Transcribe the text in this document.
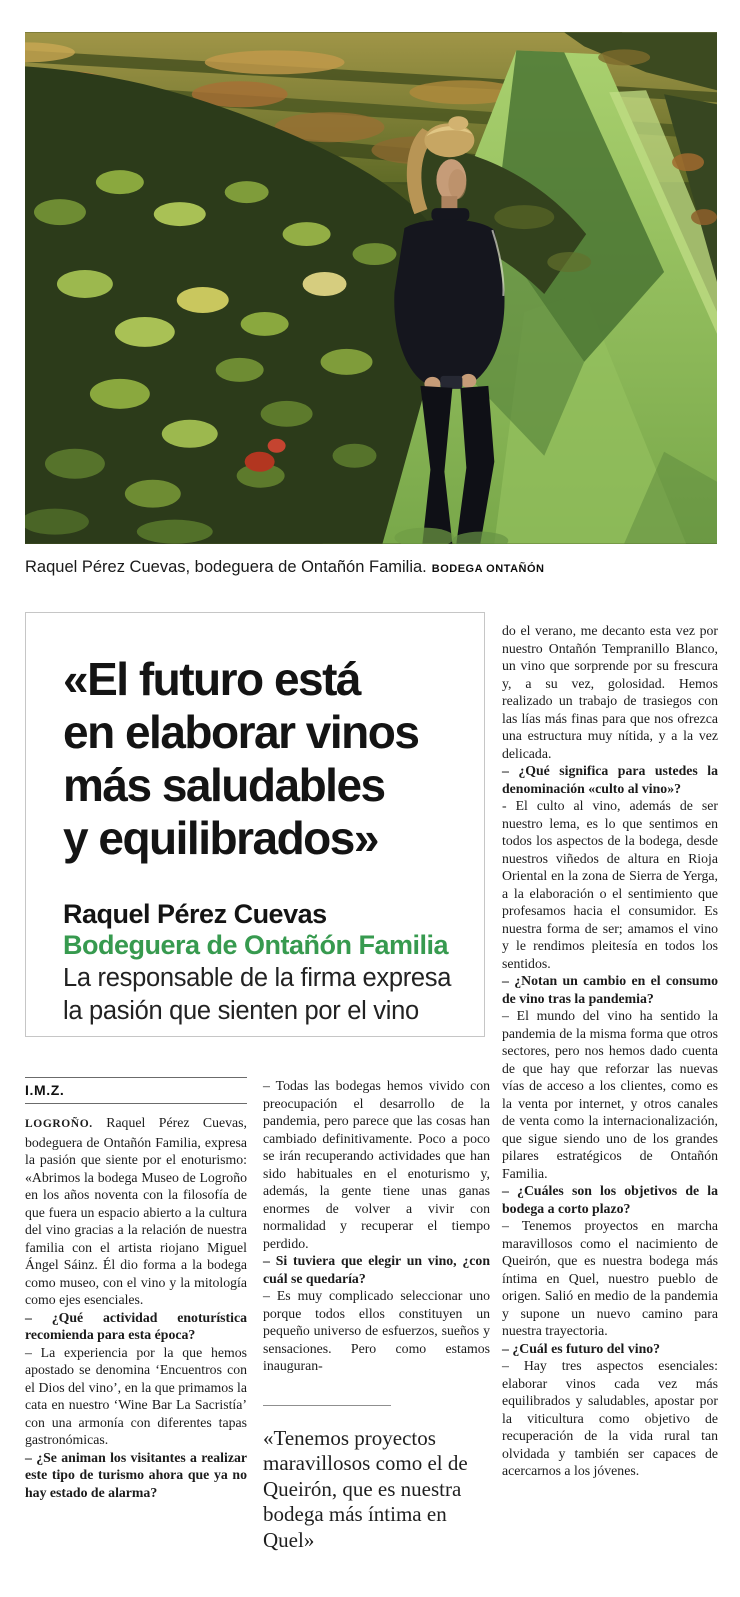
Raquel Pérez Cuevas, bodeguera de Ontañón Familia. BODEGA ONTAÑÓN

«El futuro está
en elaborar vinos
más saludables
y equilibrados»
Raquel Pérez Cuevas
Bodeguera de Ontañón Familia
La responsable de la firma expresa la pasión que sienten por el vino
I.M.Z.

LOGROÑO. Raquel Pérez Cuevas, bodeguera de Ontañón Familia, expresa la pasión que siente por el enoturismo: «Abrimos la bodega Museo de Logroño en los años noventa con la filosofía de que fuera un espacio abierto a la cultura del vino gracias a la relación de nuestra familia con el artista riojano Miguel Ángel Sáinz. Él dio forma a la bodega como museo, con el vino y la mitología como ejes esenciales.

– ¿Qué actividad enoturística recomienda para esta época?

– La experiencia por la que hemos apostado se denomina ‘Encuentros con el Dios del vino’, en la que primamos la cata en nuestro ‘Wine Bar La Sacristía’ con una armonía con diferentes tapas gastronómicas.

– ¿Se animan los visitantes a realizar este tipo de turismo ahora que ya no hay estado de alarma?

– Todas las bodegas hemos vivido con preocupación el desarrollo de la pandemia, pero parece que las cosas han cambiado definitivamente. Poco a poco se irán recuperando actividades que han sido habituales en el enoturismo y, además, la gente tiene unas ganas enormes de volver a vivir con normalidad y recuperar el tiempo perdido.

– Si tuviera que elegir un vino, ¿con cuál se quedaría?

– Es muy complicado seleccionar uno porque todos ellos constituyen un pequeño universo de esfuerzos, sueños y sensaciones. Pero como estamos inauguran-

«Tenemos proyectos maravillosos como el de Queirón, que es nuestra bodega más íntima en Quel»

do el verano, me decanto esta vez por nuestro Ontañón Tempranillo Blanco, un vino que sorprende por su frescura y, a su vez, golosidad. Hemos realizado un trabajo de trasiegos con las lías más finas para que nos ofrezca una estructura muy nítida, y a la vez delicada.

– ¿Qué significa para ustedes la denominación «culto al vino»?

- El culto al vino, además de ser nuestro lema, es lo que sentimos en todos los aspectos de la bodega, desde nuestros viñedos de altura en Rioja Oriental en la zona de Sierra de Yerga, a la elaboración o el sentimiento que profesamos hacia el consumidor. Es nuestra forma de ser; amamos el vino y le rendimos pleitesía en todos los sentidos.

– ¿Notan un cambio en el consumo de vino tras la pandemia?

– El mundo del vino ha sentido la pandemia de la misma forma que otros sectores, pero nos hemos dado cuenta de que hay que reforzar las nuevas vías de acceso a los clientes, como es la venta por internet, y otros canales de venta como la internacionalización, que sigue siendo uno de los grandes pilares estratégicos de Ontañón Familia.

– ¿Cuáles son los objetivos de la bodega a corto plazo?

– Tenemos proyectos en marcha maravillosos como el nacimiento de Queirón, que es nuestra bodega más íntima en Quel, nuestro pueblo de origen. Salió en medio de la pandemia y supone un nuevo camino para nuestra trayectoria.

– ¿Cuál es futuro del vino?

– Hay tres aspectos esenciales: elaborar vinos cada vez más equilibrados y saludables, apostar por la viticultura como objetivo de recuperación de la vida rural tan olvidada y también ser capaces de acercarnos a los jóvenes.
